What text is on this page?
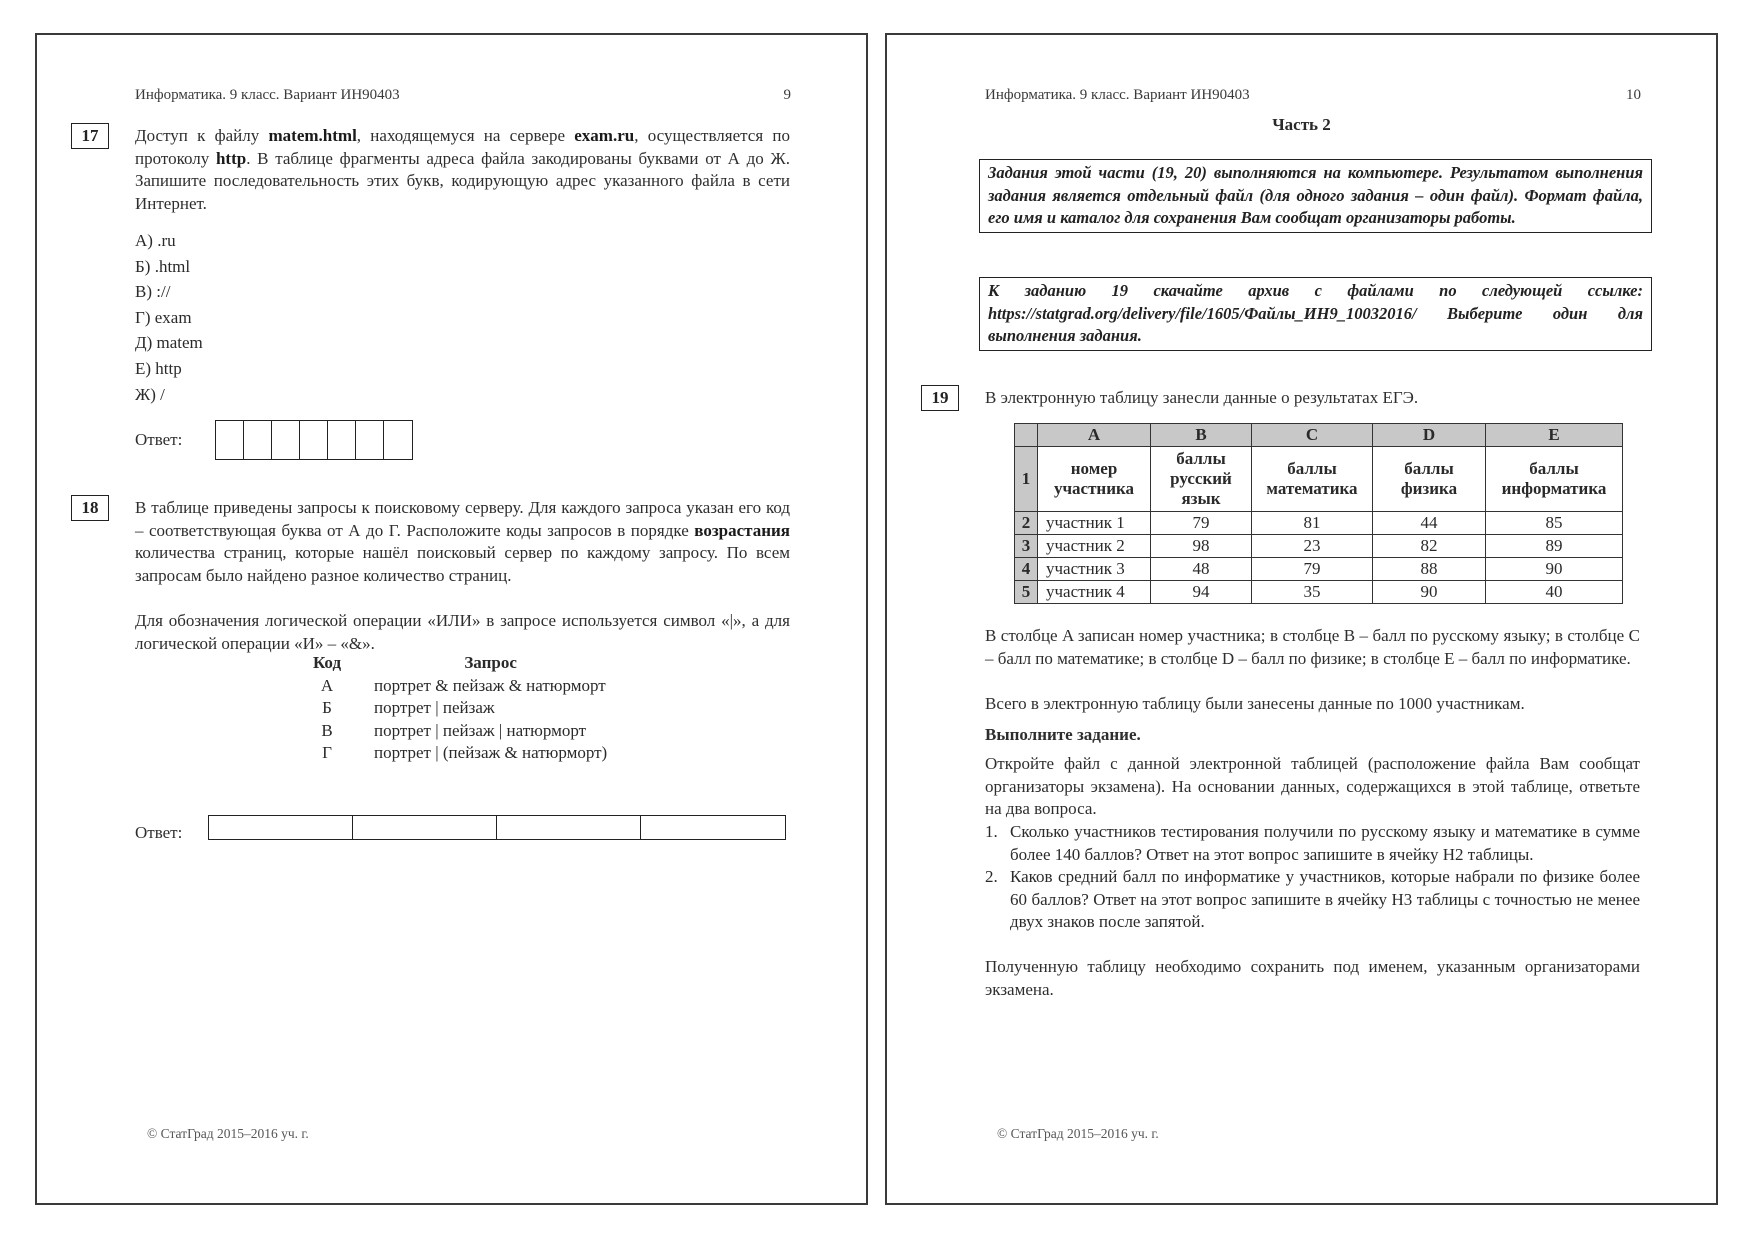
Информатика. 9 класс. Вариант ИН90403	9
17	Доступ к файлу matem.html, находящемуся на сервере exam.ru, осуществляется по протоколу http. В таблице фрагменты адреса файла закодированы буквами от А до Ж. Запишите последовательность этих букв, кодирующую адрес указанного файла в сети Интернет.
А) .ru
Б) .html
В) ://
Г) exam
Д) matem
Е) http
Ж) /
Ответ:
18	В таблице приведены запросы к поисковому серверу. Для каждого запроса указан его код – соответствующая буква от А до Г. Расположите коды запросов в порядке возрастания количества страниц, которые нашёл поисковый сервер по каждому запросу. По всем запросам было найдено разное количество страниц.
Для обозначения логической операции «ИЛИ» в запросе используется символ «|», а для логической операции «И» – «&».
Код	Запрос
А	портрет & пейзаж & натюрморт
Б	портрет | пейзаж
В	портрет | пейзаж | натюрморт
Г	портрет | (пейзаж & натюрморт)
Ответ:
© СтатГрад 2015–2016 уч. г.
Информатика. 9 класс. Вариант ИН90403	10
Часть 2
Задания этой части (19, 20) выполняются на компьютере. Результатом выполнения задания является отдельный файл (для одного задания – один файл). Формат файла, его имя и каталог для сохранения Вам сообщат организаторы работы.
К заданию 19 скачайте архив с файлами по следующей ссылке: https://statgrad.org/delivery/file/1605/Файлы_ИН9_10032016/ Выберите один для выполнения задания.
19	В электронную таблицу занесли данные о результатах ЕГЭ.
	A	B	C	D	E
1	номер участника	баллы русский язык	баллы математика	баллы физика	баллы информатика
2	участник 1	79	81	44	85
3	участник 2	98	23	82	89
4	участник 3	48	79	88	90
5	участник 4	94	35	90	40
В столбце A записан номер участника; в столбце B – балл по русскому языку; в столбце C – балл по математике; в столбце D – балл по физике; в столбце E – балл по информатике.
Всего в электронную таблицу были занесены данные по 1000 участникам.
Выполните задание.
Откройте файл с данной электронной таблицей (расположение файла Вам сообщат организаторы экзамена). На основании данных, содержащихся в этой таблице, ответьте на два вопроса.
1. Сколько участников тестирования получили по русскому языку и математике в сумме более 140 баллов? Ответ на этот вопрос запишите в ячейку H2 таблицы.
2. Каков средний балл по информатике у участников, которые набрали по физике более 60 баллов? Ответ на этот вопрос запишите в ячейку H3 таблицы с точностью не менее двух знаков после запятой.
Полученную таблицу необходимо сохранить под именем, указанным организаторами экзамена.
© СтатГрад 2015–2016 уч. г.
